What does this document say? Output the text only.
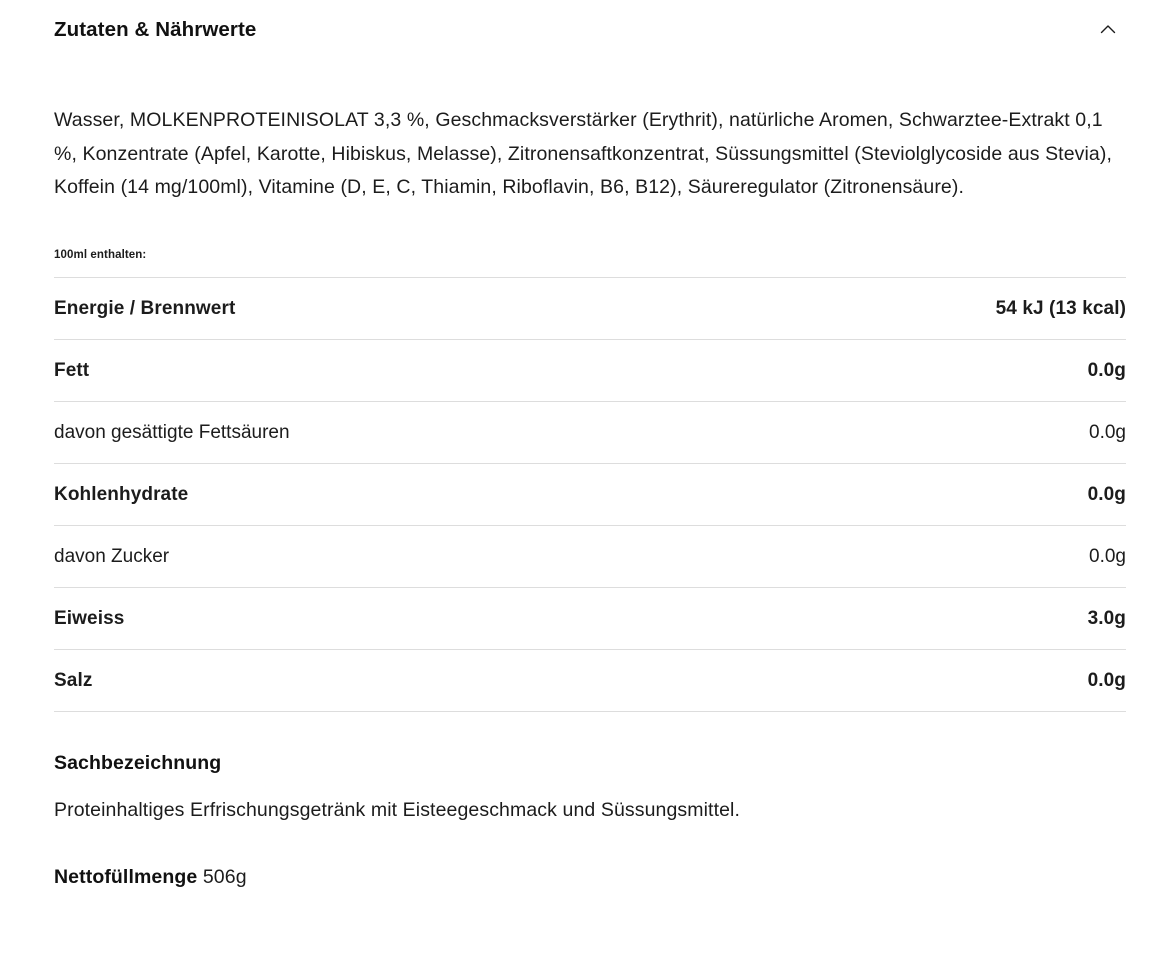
Zutaten & Nährwerte

Wasser, MOLKENPROTEINISOLAT 3,3 %, Geschmacksverstärker (Erythrit), natürliche Aromen, Schwarztee-Extrakt 0,1 %, Konzentrate (Apfel, Karotte, Hibiskus, Melasse), Zitronensaftkonzentrat, Süssungsmittel (Steviolglycoside aus Stevia), Koffein (14 mg/100ml), Vitamine (D, E, C, Thiamin, Riboflavin, B6, B12), Säureregulator (Zitronensäure).

100ml enthalten:
Energie / Brennwert	54 kJ (13 kcal)
Fett	0.0g
davon gesättigte Fettsäuren	0.0g
Kohlenhydrate	0.0g
davon Zucker	0.0g
Eiweiss	3.0g
Salz	0.0g
Sachbezeichnung
Proteinhaltiges Erfrischungsgetränk mit Eisteegeschmack und Süssungsmittel.
Nettofüllmenge 506g
